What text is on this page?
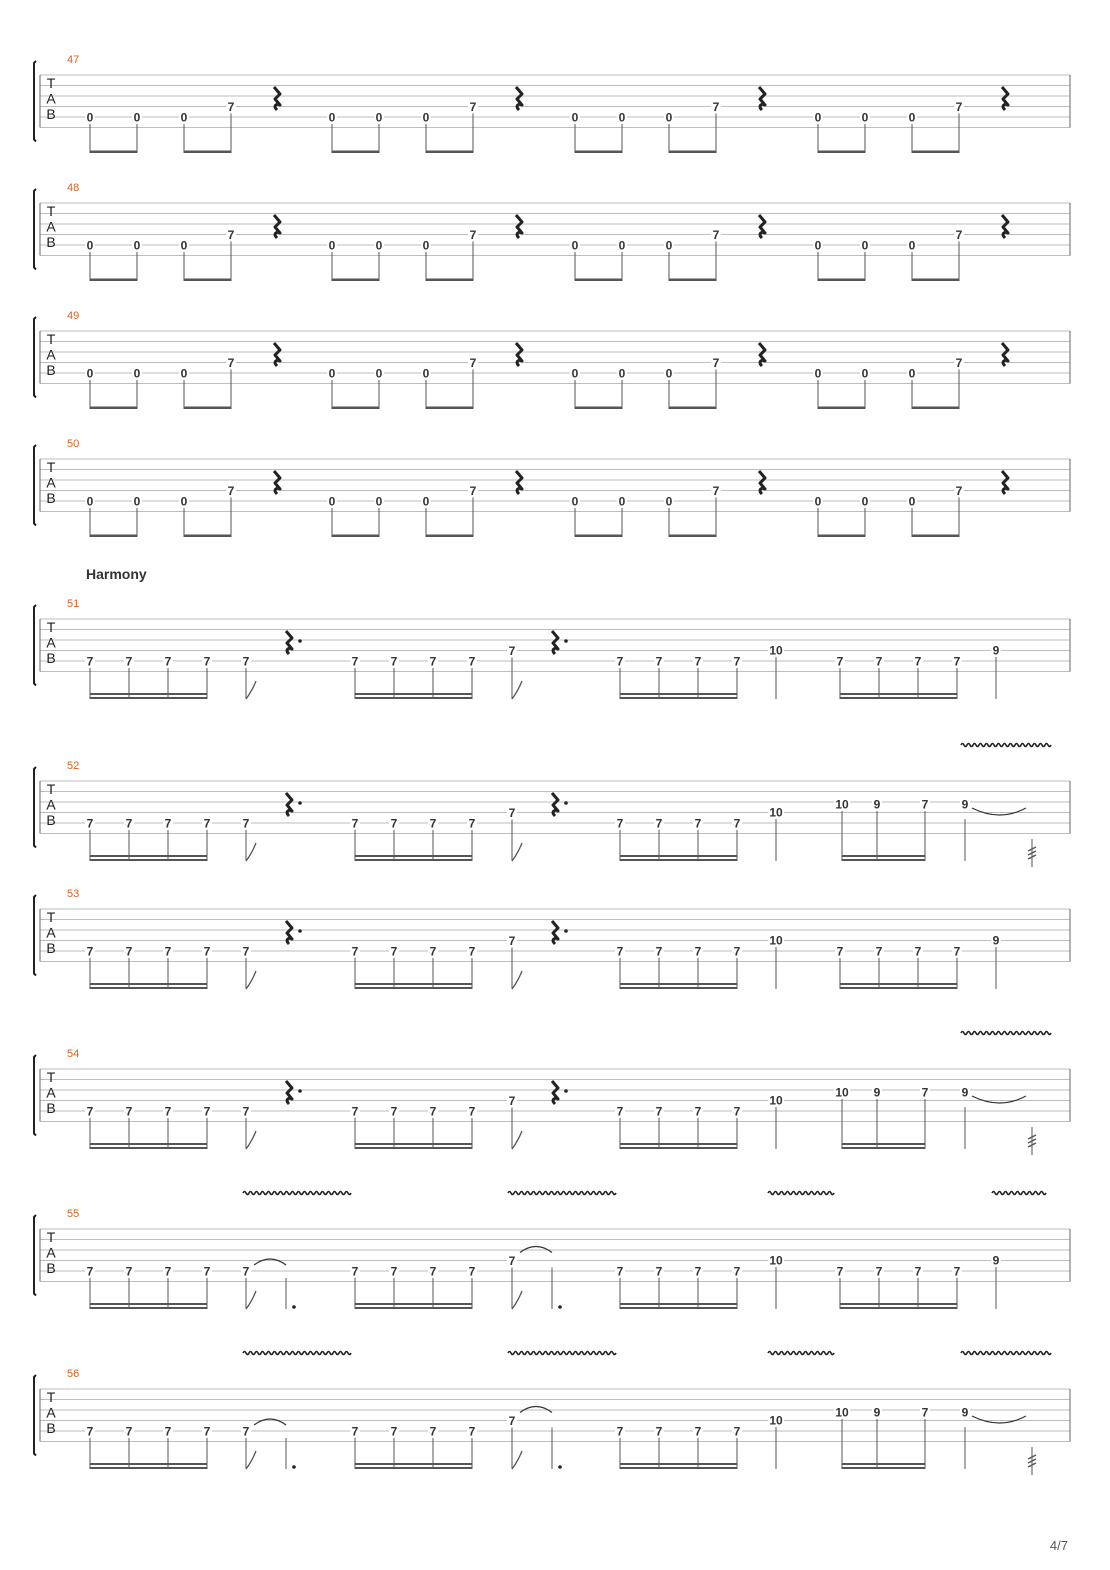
T
A
B
47
0	0	0
7
0	0	0
7
0	0	0
7
0	0	0
7
T
A
B
48
0	0	0
7
0	0	0
7
0	0	0
7
0	0	0
7
T
A
B
49
0	0	0
7
0	0	0
7
0	0	0
7
0	0	0
7
T
A
B
50
0	0	0
7
0	0	0
7
0	0	0
7
0	0	0
7
Harmony
T
A
B
51
7	7	7	7	7	7	7	7	7
7
7	7	7	7
10
7	7	7	7
9
T
A
B
52
7	7	7	7	7	7	7	7	7
7
7	7	7	7
10
10 9	7	9
T
A
B
53
7	7	7	7	7	7	7	7	7
7
7	7	7	7
10
7	7	7	7
9
T
A
B
54
7	7	7	7	7	7	7	7	7
7
7	7	7	7
10
10 9	7	9
T
A
B
55
7	7	7	7	7	7	7	7	7
7
7	7	7	7
10
7	7	7	7
9
T
A
B
56
7	7	7	7	7	7	7	7	7
7
7	7	7	7
10
10 9	7	9
4/7
